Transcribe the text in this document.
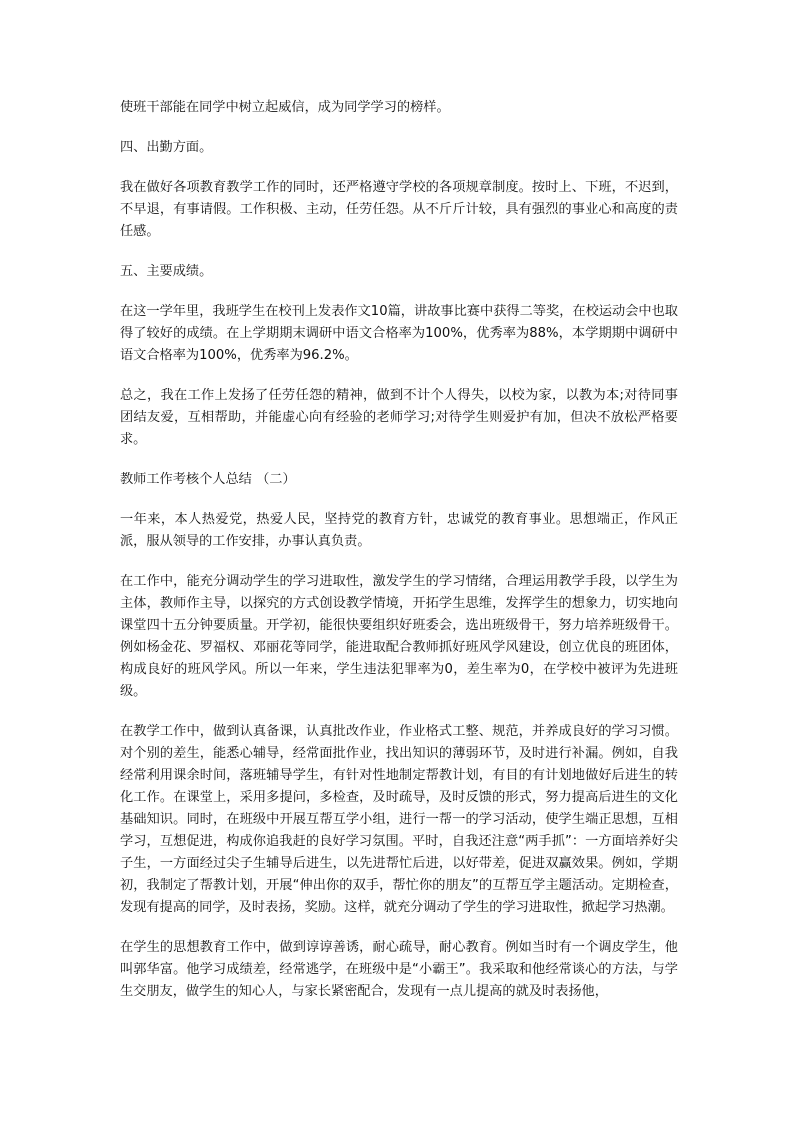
使班干部能在同学中树立起威信，成为同学学习的榜样。

四、出勤方面。

我在做好各项教育教学工作的同时，还严格遵守学校的各项规章制度。按时上、下班，不迟到，不早退，有事请假。工作积极、主动，任劳任怨。从不斤斤计较，具有强烈的事业心和高度的责任感。

五、主要成绩。

在这一学年里，我班学生在校刊上发表作文10篇，讲故事比赛中获得二等奖，在校运动会中也取得了较好的成绩。在上学期期末调研中语文合格率为100%，优秀率为88%，本学期期中调研中语文合格率为100%，优秀率为96.2%。

总之，我在工作上发扬了任劳任怨的精神，做到不计个人得失，以校为家，以教为本;对待同事团结友爱，互相帮助，并能虚心向有经验的老师学习;对待学生则爱护有加，但决不放松严格要求。

教师工作考核个人总结 （二）

一年来，本人热爱党，热爱人民，坚持党的教育方针，忠诚党的教育事业。思想端正，作风正派，服从领导的工作安排，办事认真负责。

在工作中，能充分调动学生的学习进取性，激发学生的学习情绪，合理运用教学手段，以学生为主体，教师作主导，以探究的方式创设教学情境，开拓学生思维，发挥学生的想象力，切实地向课堂四十五分钟要质量。开学初，能很快要组织好班委会，选出班级骨干，努力培养班级骨干。例如杨金花、罗福权、邓丽花等同学，能进取配合教师抓好班风学风建设，创立优良的班团体，构成良好的班风学风。所以一年来，学生违法犯罪率为0，差生率为0，在学校中被评为先进班级。

在教学工作中，做到认真备课，认真批改作业，作业格式工整、规范，并养成良好的学习习惯。对个别的差生，能悉心辅导，经常面批作业，找出知识的薄弱环节，及时进行补漏。例如，自我经常利用课余时间，落班辅导学生，有针对性地制定帮教计划，有目的有计划地做好后进生的转化工作。在课堂上，采用多提问，多检查，及时疏导，及时反馈的形式，努力提高后进生的文化基础知识。同时，在班级中开展互帮互学小组，进行一帮一的学习活动，使学生端正思想，互相学习，互想促进，构成你追我赶的良好学习氛围。平时，自我还注意“两手抓”：一方面培养好尖子生，一方面经过尖子生辅导后进生，以先进帮忙后进，以好带差，促进双赢效果。例如，学期初，我制定了帮教计划，开展“伸出你的双手，帮忙你的朋友”的互帮互学主题活动。定期检查，发现有提高的同学，及时表扬，奖励。这样，就充分调动了学生的学习进取性，掀起学习热潮。

在学生的思想教育工作中，做到谆谆善诱，耐心疏导，耐心教育。例如当时有一个调皮学生，他叫郭华富。他学习成绩差，经常逃学，在班级中是“小霸王”。我采取和他经常谈心的方法，与学生交朋友，做学生的知心人，与家长紧密配合，发现有一点儿提高的就及时表扬他，
